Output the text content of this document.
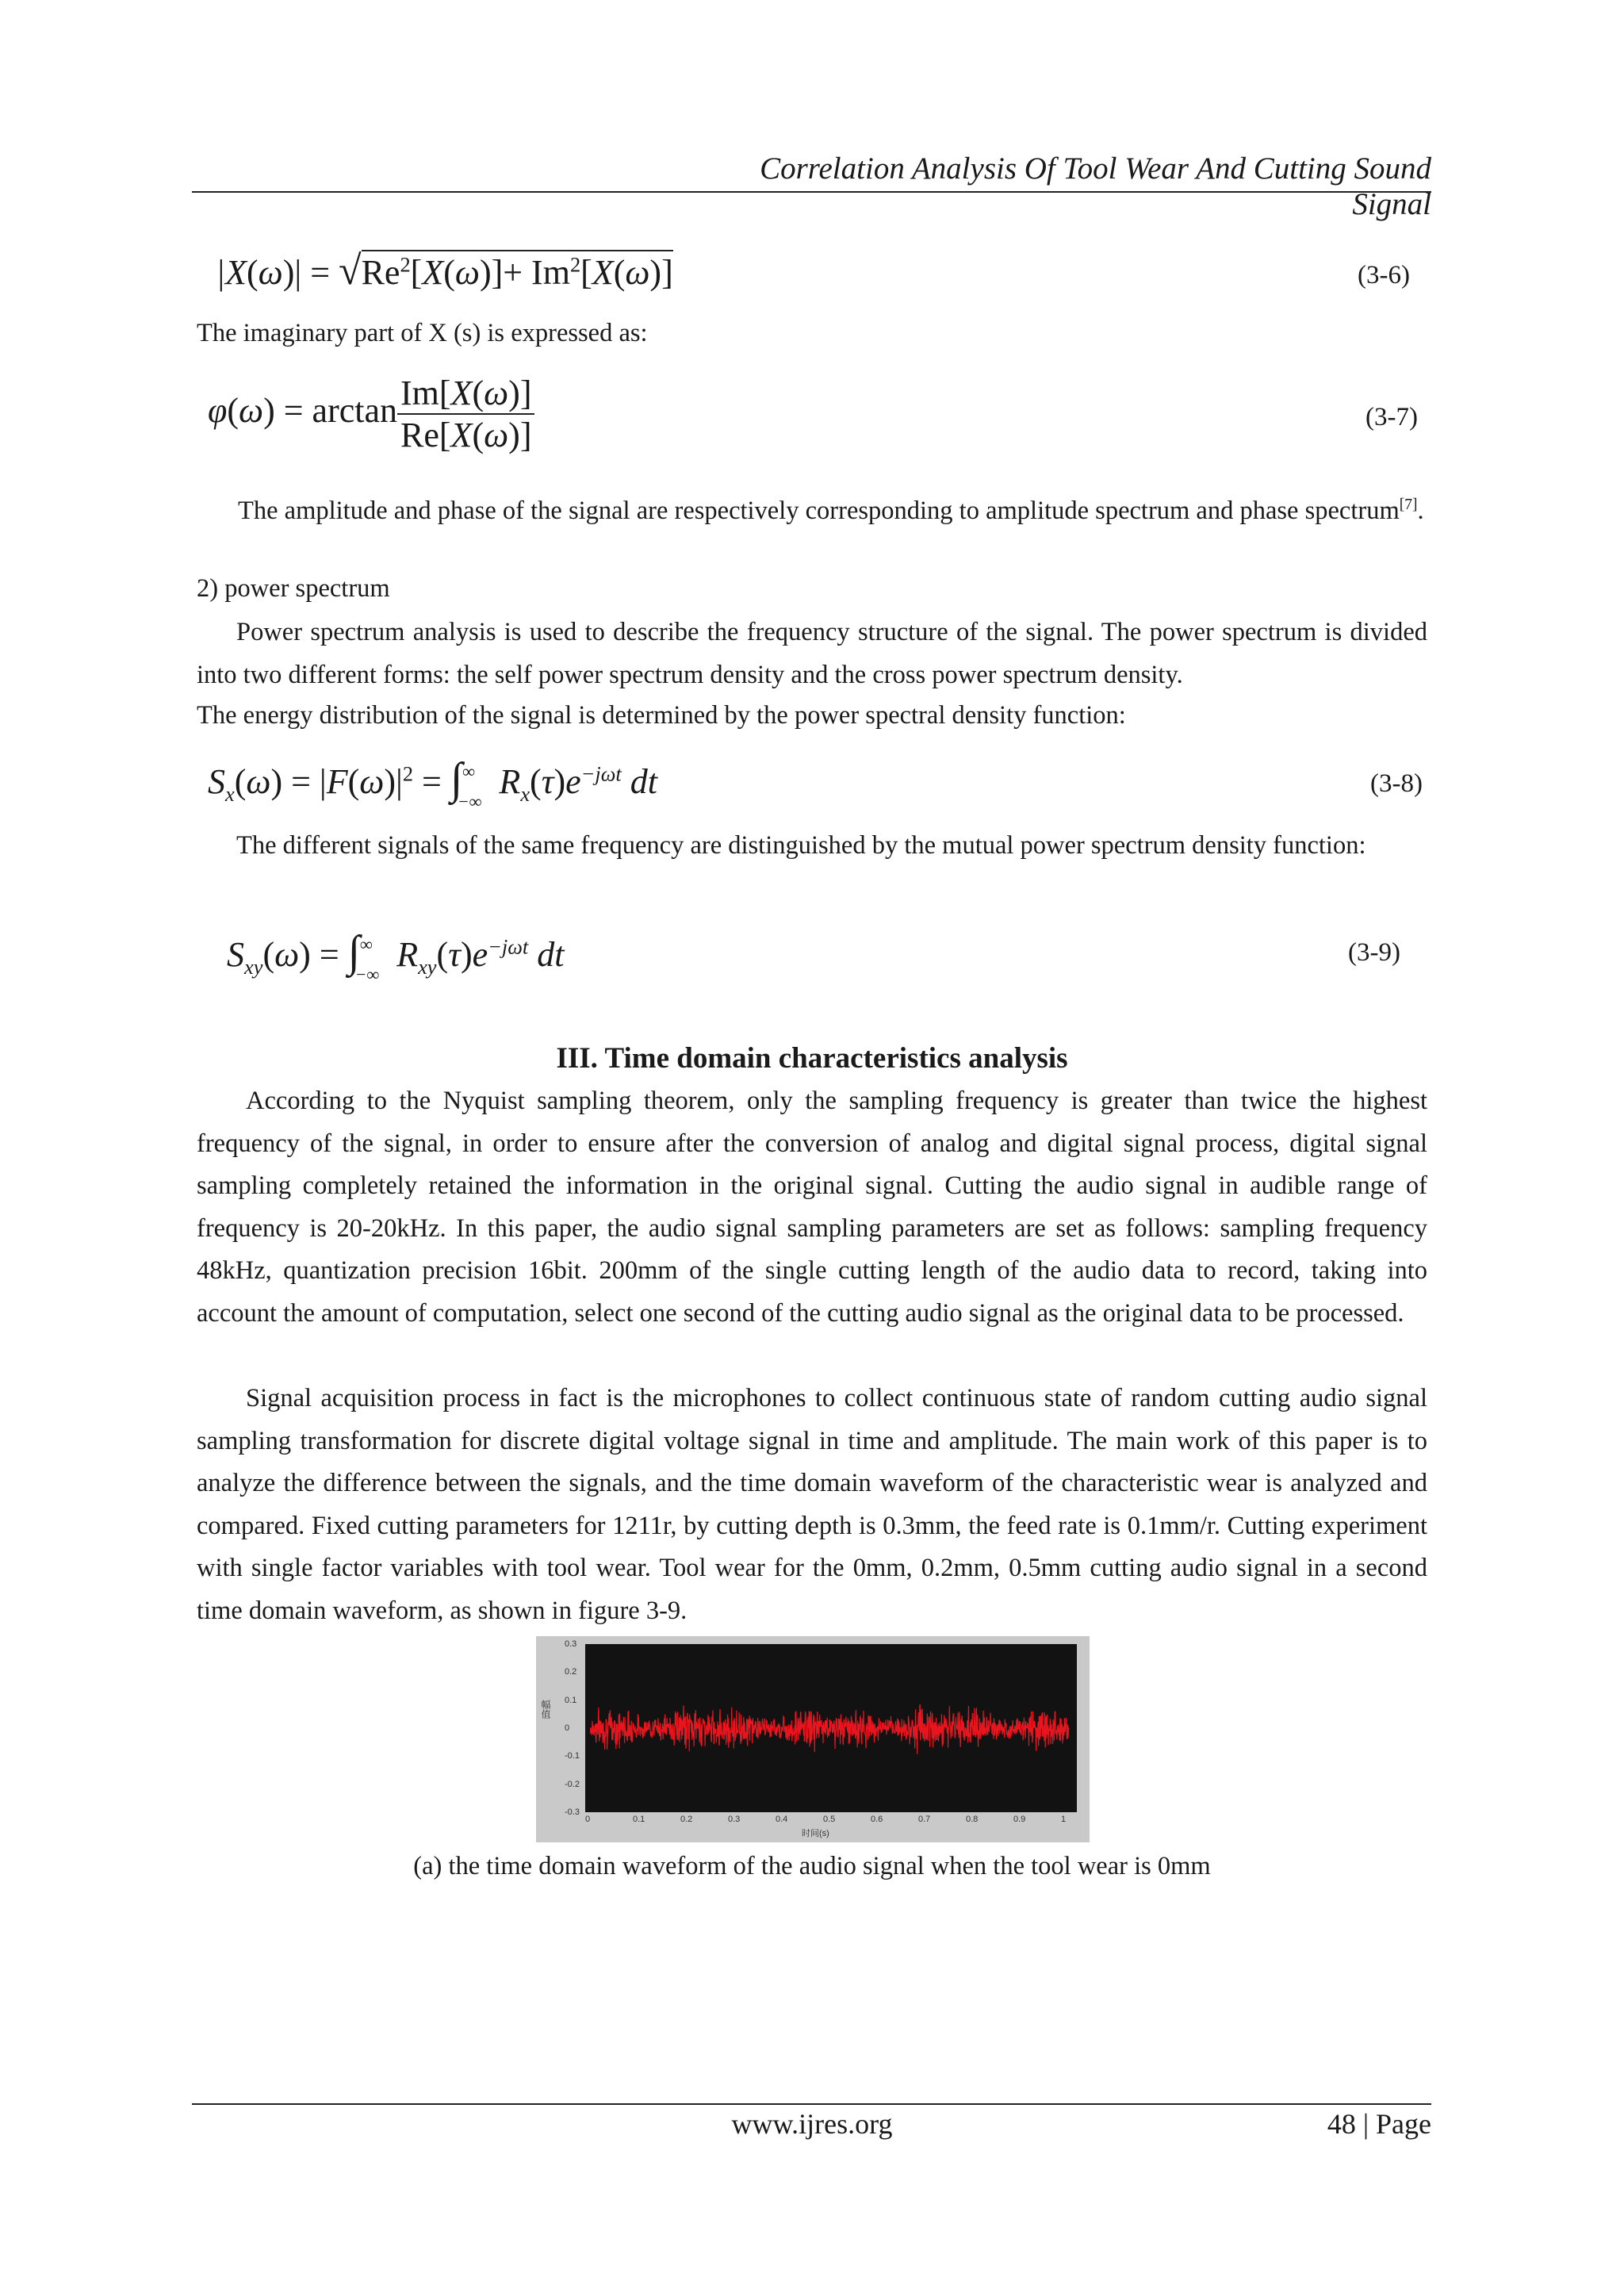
Correlation Analysis Of Tool Wear And Cutting Sound Signal
$|X(\omega)| = √Re^2[X(\omega)]+ Im^2[X(\omega)]$	(3-6)
The imaginary part of X (s) is expressed as:
$\varphi(\omega) = \arctan \frac{Im[X(\omega)]}{Re[X(\omega)]}$	(3-7)
The amplitude and phase of the signal are respectively corresponding to amplitude spectrum and phase spectrum[7].
2) power spectrum
Power spectrum analysis is used to describe the frequency structure of the signal. The power spectrum is divided into two different forms: the self power spectrum density and the cross power spectrum density.
The energy distribution of the signal is determined by the power spectral density function:
$S_x(\omega) = |F(\omega)|^2 = \int^\infty_{-\infty}R_x(\tau)e^{-j\omega t}$ dt	(3-8)
The different signals of the same frequency are distinguished by the mutual power spectrum density function:
$S_{xy}(\omega) = \int^\infty_{-\infty}R_{xy}(\tau)e^{-j\omega t}$ dt	(3-9)
III. Time domain characteristics analysis
According to the Nyquist sampling theorem, only the sampling frequency is greater than twice the highest frequency of the signal, in order to ensure after the conversion of analog and digital signal process, digital signal sampling completely retained the information in the original signal. Cutting the audio signal in audible range of frequency is 20-20kHz. In this paper, the audio signal sampling parameters are set as follows: sampling frequency 48kHz, quantization precision 16bit. 200mm of the single cutting length of the audio data to record, taking into account the amount of computation, select one second of the cutting audio signal as the original data to be processed.
Signal acquisition process in fact is the microphones to collect continuous state of random cutting audio signal sampling transformation for discrete digital voltage signal in time and amplitude. The main work of this paper is to analyze the difference between the signals, and the time domain waveform of the characteristic wear is analyzed and compared. Fixed cutting parameters for 1211r, by cutting depth is 0.3mm, the feed rate is 0.1mm/r. Cutting experiment with single factor variables with tool wear. Tool wear for the 0mm, 0.2mm, 0.5mm cutting audio signal in a second time domain waveform, as shown in figure 3-9.
幅值
时间(s)
0.3
0.2
0.1
0
-0.1
-0.2
-0.3
0	0.1	0.2	0.3	0.4	0.5	0.6	0.7	0.8	0.9	1
(a) the time domain waveform of the audio signal when the tool wear is 0mm
www.ijres.org	48 | Page
